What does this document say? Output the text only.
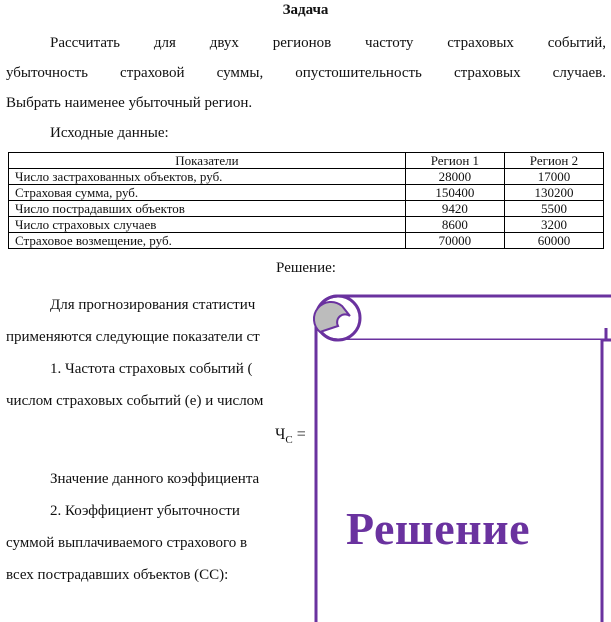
Задача
Рассчитать для двух регионов частоту страховых событий,
убыточность страховой суммы, опустошительность страховых случаев.
Выбрать наименее убыточный регион.
Исходные данные:
Показатели	Регион 1	Регион 2
Число застрахованных объектов, руб.	28000	17000
Страховая сумма, руб.	150400	130200
Число пострадавших объектов	9420	5500
Число страховых случаев	8600	3200
Страховое возмещение, руб.	70000	60000
Решение:
Для прогнозирования статистич
применяются следующие показатели ст
1. Частота страховых событий (
числом страховых событий (е) и числом
$Ч_С$ =
Значение данного коэффициента
2. Коэффициент убыточности
суммой выплачиваемого страхового в
всех пострадавших объектов (СС):
Решение
